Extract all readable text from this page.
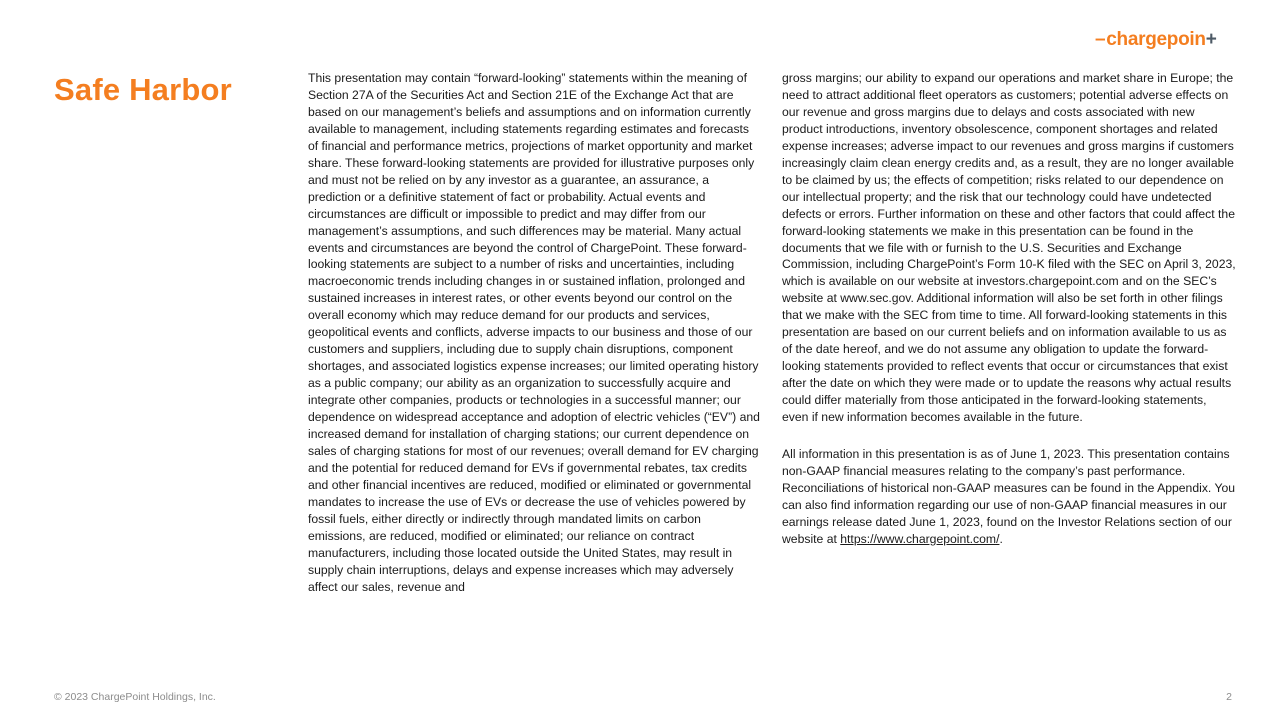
–chargepoin+
Safe Harbor	This presentation may contain “forward-looking” statements within the meaning of Section 27A of the Securities Act and Section 21E of the Exchange Act that are based on our management’s beliefs and assumptions and on information currently available to management, including statements regarding estimates and forecasts of financial and performance metrics, projections of market opportunity and market share. These forward-looking statements are provided for illustrative purposes only and must not be relied on by any investor as a guarantee, an assurance, a prediction or a definitive statement of fact or probability. Actual events and circumstances are difficult or impossible to predict and may differ from our management’s assumptions, and such differences may be material. Many actual events and circumstances are beyond the control of ChargePoint. These forward-looking statements are subject to a number of risks and uncertainties, including macroeconomic trends including changes in or sustained inflation, prolonged and sustained increases in interest rates, or other events beyond our control on the overall economy which may reduce demand for our products and services, geopolitical events and conflicts, adverse impacts to our business and those of our customers and suppliers, including due to supply chain disruptions, component shortages, and associated logistics expense increases; our limited operating history as a public company; our ability as an organization to successfully acquire and integrate other companies, products or technologies in a successful manner; our dependence on widespread acceptance and adoption of electric vehicles (“EV”) and increased demand for installation of charging stations; our current dependence on sales of charging stations for most of our revenues; overall demand for EV charging and the potential for reduced demand for EVs if governmental rebates, tax credits and other financial incentives are reduced, modified or eliminated or governmental mandates to increase the use of EVs or decrease the use of vehicles powered by fossil fuels, either directly or indirectly through mandated limits on carbon emissions, are reduced, modified or eliminated; our reliance on contract manufacturers, including those located outside the United States, may result in supply chain interruptions, delays and expense increases which may adversely affect our sales, revenue and
gross margins; our ability to expand our operations and market share in Europe; the need to attract additional fleet operators as customers; potential adverse effects on our revenue and gross margins due to delays and costs associated with new product introductions, inventory obsolescence, component shortages and related expense increases; adverse impact to our revenues and gross margins if customers increasingly claim clean energy credits and, as a result, they are no longer available to be claimed by us; the effects of competition; risks related to our dependence on our intellectual property; and the risk that our technology could have undetected defects or errors. Further information on these and other factors that could affect the forward-looking statements we make in this presentation can be found in the documents that we file with or furnish to the U.S. Securities and Exchange Commission, including ChargePoint’s Form 10-K filed with the SEC on April 3, 2023, which is available on our website at investors.chargepoint.com and on the SEC’s website at www.sec.gov. Additional information will also be set forth in other filings that we make with the SEC from time to time. All forward-looking statements in this presentation are based on our current beliefs and on information available to us as of the date hereof, and we do not assume any obligation to update the forward-looking statements provided to reflect events that occur or circumstances that exist after the date on which they were made or to update the reasons why actual results could differ materially from those anticipated in the forward-looking statements, even if new information becomes available in the future.
All information in this presentation is as of June 1, 2023. This presentation contains non-GAAP financial measures relating to the company’s past performance. Reconciliations of historical non-GAAP measures can be found in the Appendix. You can also find information regarding our use of non-GAAP financial measures in our earnings release dated June 1, 2023, found on the Investor Relations section of our website at https://www.chargepoint.com/.
© 2023 ChargePoint Holdings, Inc.	2
